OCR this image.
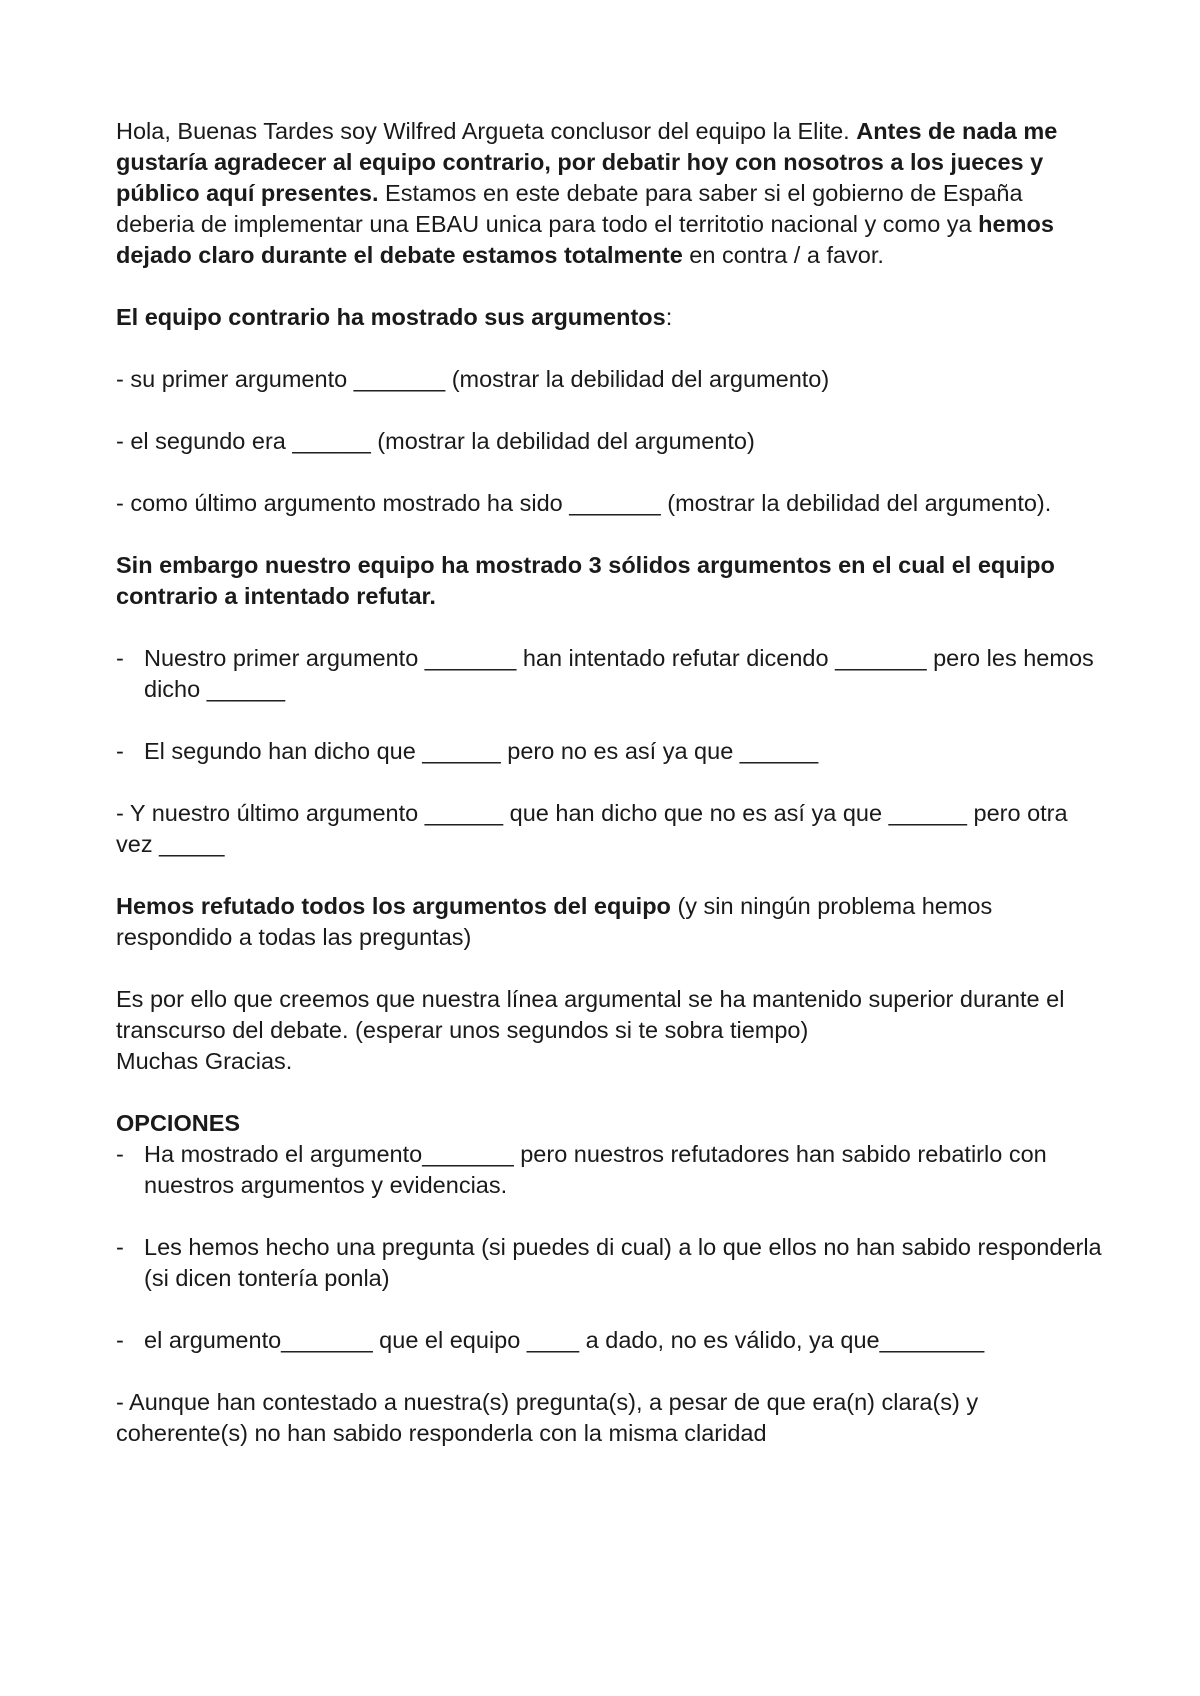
Hola, Buenas Tardes soy Wilfred Argueta conclusor del equipo la Elite. Antes de nada me gustaría agradecer al equipo contrario, por debatir hoy con nosotros a los jueces y público aquí presentes. Estamos en este debate para saber si el gobierno de España deberia de implementar una EBAU unica para todo el territotio nacional y como ya hemos dejado claro durante el debate estamos totalmente en contra / a favor.

El equipo contrario ha mostrado sus argumentos:

- su primer argumento _______ (mostrar la debilidad del argumento)

- el segundo era ______ (mostrar la debilidad del argumento)

- como último argumento mostrado ha sido _______ (mostrar la debilidad del argumento).

Sin embargo nuestro equipo ha mostrado 3 sólidos argumentos en el cual el equipo contrario a intentado refutar.

- Nuestro primer argumento _______ han intentado refutar dicendo _______ pero les hemos dicho ______
- El segundo han dicho que ______ pero no es así ya que ______

- Y nuestro último argumento ______ que han dicho que no es así ya que ______ pero otra vez _____

Hemos refutado todos los argumentos del equipo (y sin ningún problema hemos respondido a todas las preguntas)

Es por ello que creemos que nuestra línea argumental se ha mantenido superior durante el transcurso del debate. (esperar unos segundos si te sobra tiempo)

Muchas Gracias.

OPCIONES

- Ha mostrado el argumento_______ pero nuestros refutadores han sabido rebatirlo con nuestros argumentos y evidencias.
- Les hemos hecho una pregunta (si puedes di cual) a lo que ellos no han sabido responderla (si dicen tontería ponla)
- el argumento_______ que el equipo ____ a dado, no es válido, ya que________

- Aunque han contestado a nuestra(s) pregunta(s), a pesar de que era(n) clara(s) y coherente(s) no han sabido responderla con la misma claridad
